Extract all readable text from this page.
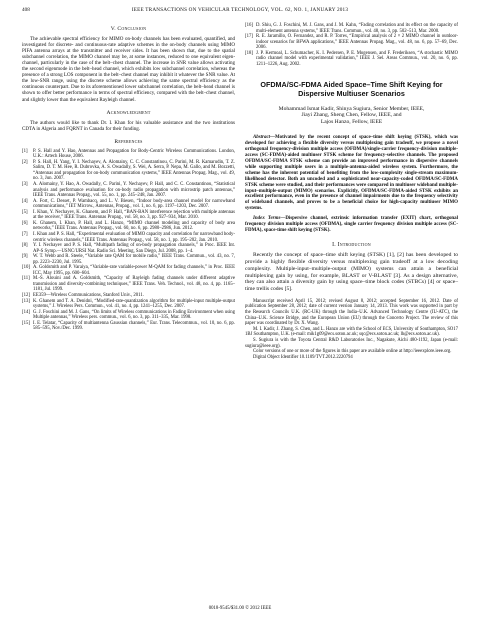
408	IEEE TRANSACTIONS ON VEHICULAR TECHNOLOGY, VOL. 62, NO. 1, JANUARY 2013
V. Conclusion

The achievable spectral efficiency for MIMO on-body channels has been evaluated, quantified, and investigated for discrete- and continuous-rate adaptive schemes in the on-body channels using MIMO PIFA antenna arrays at the transmitter and receiver sides. It has been shown that, due to the spatial subchannel correlation, the MIMO channel may be, at some instances, reduced to one equivalent eigen-channel, particularly in the case of the belt–chest channel. The increase in SNR value allows activating the second eigenmode in the belt–head channel, which exhibits low subchannel correlation, whereas the presence of a strong LOS component in the belt–chest channel may inhibit it whatever the SNR value. At the low-SNR range, using the discrete scheme allows achieving the same spectral efficiency as the continuous counterpart. Due to its aforementioned lower subchannel correlation, the belt–head channel is shown to offer better performance in terms of spectral efficiency, compared with the belt–chest channel, and slightly lower than the equivalent Rayleigh channel.

Acknowledgment

The authors would like to thank Dr. I. Khan for his valuable assistance and the two institutions CDTA in Algeria and FQRNT in Canada for their funding.

References
[1]	P. S. Hall and Y. Hao, Antennas and Propagation for Body-Centric Wireless Communications. London, U.K.: Artech House, 2006.
[2]	P. S. Hall, H. Yang, Y. I. Nechayev, A. Alomainy, C. C. Constantinou, C. Parini, M. R. Kamarudin, T. Z. Salim, D. T. M. Hee, R. Dubrovka, A. S. Owadally, S. Wei, A. Serra, P. Nepa, M. Gallo, and M. Bozzetti, “Antennas and propagation for on-body communication systems,” IEEE Antennas Propag. Mag., vol. 49, no. 3, Jun. 2007.
[3]	A. Alomainy, Y. Hao, A. Owadally, C. Parini, Y. Nechayev, P. Hall, and C. C. Constantinou, “Statistical analysis and performance evaluation for on-body radio propagation with microstrip patch antennas,” IEEE Trans. Antennas Propag., vol. 55, no. 1, pp. 245–248, Jan. 2007.
[4]	A. Fort, C. Desset, P. Wambacq, and L. V. Biesen, “Indoor body-area channel model for narrowband communications,” IET Microw., Antennas, Propag., vol. 1, no. 6, pp. 1197–1203, Dec. 2007.
[5]	I. Khan, Y. Nechayev, K. Ghanem, and P. Hall, “BAN-BAN interference rejection with multiple antennas at the receiver,” IEEE Trans. Antennas Propag., vol. 58, no. 3, pp. 927–934, Mar. 2010.
[6]	K. Ghanem, I. Khan, P. Hall, and L. Hanzo, “MIMO channel modeling and capacity of body area networks,” IEEE Trans. Antennas Propag., vol. 60, no. 6, pp. 2980–2986, Jun. 2012.
[7]	I. Khan and P. S. Hall, “Experimental evaluation of MIMO capacity and correlation for narrowband body-centric wireless channels,” IEEE Trans. Antennas Propag., vol. 58, no. 1, pp. 195–202, Jan. 2010.
[8]	Y. I. Nechayev and P. S. Hall, “Multipath fading of on-body propagation channels,” in Proc. IEEE Int. AP-S Symp.—USNC/URSI Nat. Radio Sci. Meeting, San Diego, Jul. 2008, pp. 1–4.
[9]	W. T. Webb and R. Steele, “Variable rate QAM for mobile radio,” IEEE Trans. Commun., vol. 43, no. 7, pp. 2223–2230, Jul. 1995.
[10] A. Goldsmith and P. Varaiya, “Variable-rate variable-power M-QAM for fading channels,” in Proc. IEEE ICC, May 1995, pp. 600–604.
[11] M.-S. Alouini and A. Goldsmith, “Capacity of Rayleigh fading channels under different adaptive transmission and diversity-combining techniques,” IEEE Trans. Veh. Technol., vol. 48, no. 4, pp. 1165–1181, Jul. 1999.
[12] EE359—Wireless Communications, Stanford Univ., 2011.
[13] K. Ghanem and T. A. Denidni, “Modified-rate-quantization algorithm for multiple-input multiple-output systems,” J. Wireless Pers. Commun., vol. 41, no. 4, pp. 1241–1255, Dec. 2007.
[14] G. J. Foschini and M. J. Gans, “On limits of Wireless communications in Fading Environment when using Multiple antennas,” Wireless pers. commun., vol. 6, no. 3, pp. 311–335, Mar. 1998.
[15] I. E. Telatar, “Capacity of multiantenna Gaussian channels,” Eur. Trans. Telecommun., vol. 10, no. 6, pp. 585–595, Nov./Dec. 1999.
[16] D. Shiu, G. J. Foschini, M. J. Gans, and J. M. Kahn, “Fading correlation and its effect on the capacity of multi-element antenna systems,” IEEE Trans. Commun., vol. 48, no. 3, pp. 502–513, Mar. 2000.
[17] R. E. Jaramillo, O. Fernandez, and R. P. Torres, “Empirical analysis of 2 × 2 MIMO channel in outdoor-indoor scenarios for BFWA applications,” IEEE Antennas Propag. Mag., vol. 48, no. 6, pp. 57–69, Dec. 2006.
[18] J. P. Kermoal, L. Schumacher, K. I. Pedersen, P. E. Mogensen, and F. Frederiksen, “A stochastic MIMO radio channel model with experimental validation,” IEEE J. Sel. Areas Commun., vol. 20, no. 6, pp. 1211–1226, Aug. 2002.
OFDMA/SC-FDMA Aided Space–Time Shift Keying for Dispersive Multiuser Scenarios
Mohammad Ismat Kadir, Shinya Sugiura, Senior Member, IEEE,
Jiayi Zhang, Sheng Chen, Fellow, IEEE, and
Lajos Hanzo, Fellow, IEEE
Abstract—Motivated by the recent concept of space–time shift keying (STSK), which was developed for achieving a flexible diversity versus multiplexing gain tradeoff, we propose a novel orthogonal frequency-division multiple access (OFDMA)/single-carrier frequency-division multiple-access (SC-FDMA)-aided multiuser STSK scheme for frequency-selective channels. The proposed OFDMA/SC-FDMA STSK scheme can provide an improved performance in dispersive channels while supporting multiple users in a multiple-antenna-aided wireless system. Furthermore, the scheme has the inherent potential of benefiting from the low-complexity single-stream maximum-likelihood detector. Both an uncoded and a sophisticated near-capacity-coded OFDMA/SC-FDMA STSK scheme were studied, and their performances were compared in multiuser wideband multiple-input–multiple-output (MIMO) scenarios. Explicitly, OFDMA/SC-FDMA-aided STSK exhibits an excellent performance, even in the presence of channel impairments due to the frequency selectivity of wideband channels, and proves to be a beneficial choice for high-capacity multiuser MIMO systems.
Index Terms—Dispersive channel, extrinsic information transfer (EXIT) chart, orthogonal frequency division multiple access (OFDMA), single carrier frequency division multiple access (SC-FDMA), space-time shift keying (STSK).
I. Introduction

Recently the concept of space–time shift keying (STSK) [1], [2] has been developed to provide a highly flexible diversity versus multiplexing gain tradeoff at a low decoding complexity. Multiple-input–multiple-output (MIMO) systems can attain a beneficial multiplexing gain by using, for example, BLAST or V-BLAST [3]. As a design alternative, they can also attain a diversity gain by using space–time block codes (STBCs) [4] or space–time trellis codes [5].

Manuscript received April 15, 2012; revised August 8, 2012; accepted September 16, 2012. Date of publication September 28, 2012; date of current version January 14, 2013. This work was supported in part by the Research Councils U.K. (RC-UK) through the India–U.K. Advanced Technology Centre (IU-ATC), the China–U.K. Science Bridge, and the European Union (EU) through the Concerto Project. The review of this paper was coordinated by Dr. X. Wang.

M. I. Kadir, J. Zhang, S. Chen, and L. Hanzo are with the School of ECS, University of Southampton, SO17 1BJ Southampton, U.K. (e-mail: mik1g09@ecs.soton.ac.uk; sqc@ecs.soton.ac.uk; lh@ecs.soton.ac.uk).

S. Sugiura is with the Toyota Central R&D Laboratories Inc., Nagakute, Aichi 480-1192, Japan (e-mail: sugiura@ieee.org).

Color versions of one or more of the figures in this paper are available online at http://ieeexplore.ieee.org.

Digital Object Identifier 10.1109/TVT.2012.2220794

0018-9545/$31.00 © 2012 IEEE
